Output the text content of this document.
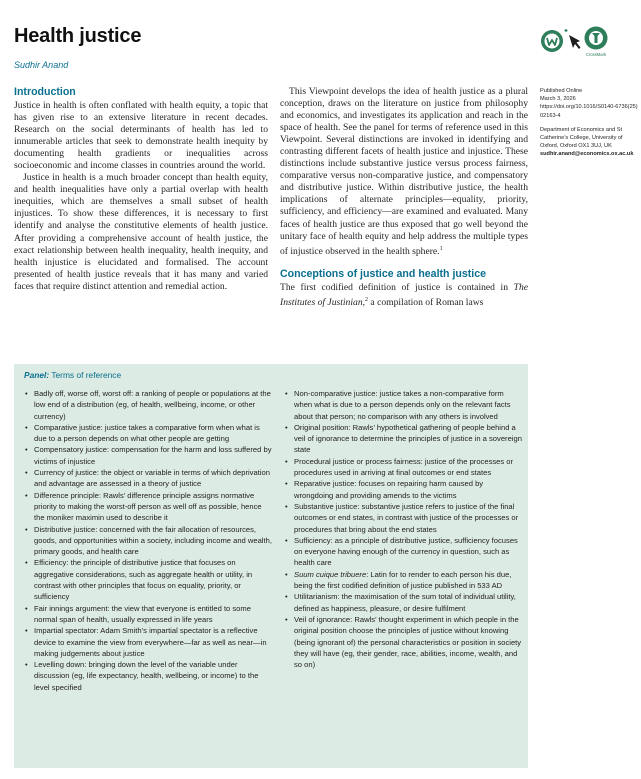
Health justice
Sudhir Anand
CrossMark
Introduction

Justice in health is often conflated with health equity, a topic that has given rise to an extensive literature in recent decades. Research on the social determinants of health has led to innumerable articles that seek to demonstrate health inequity by documenting health gradients or inequalities across socioeconomic and income classes in countries around the world.

Justice in health is a much broader concept than health equity, and health inequalities have only a partial overlap with health inequities, which are themselves a small subset of health injustices. To show these differences, it is necessary to first identify and analyse the constitutive elements of health justice. After providing a comprehensive account of health justice, the exact relationship between health inequality, health inequity, and health injustice is elucidated and formalised. The account presented of health justice reveals that it has many and varied faces that require distinct attention and remedial action.

This Viewpoint develops the idea of health justice as a plural conception, draws on the literature on justice from philosophy and economics, and investigates its application and reach in the space of health. See the panel for terms of reference used in this Viewpoint. Several distinctions are invoked in identifying and contrasting different facets of health justice and injustice. These distinctions include substantive justice versus process fairness, comparative versus non-comparative justice, and compensatory and distributive justice. Within distributive justice, the health implications of alternate principles—equality, priority, sufficiency, and efficiency—are examined and evaluated. Many faces of health justice are thus exposed that go well beyond the unitary face of health equity and help address the multiple types of injustice observed in the health sphere.$^1$

Conceptions of justice and health justice

The first codified definition of justice is contained in The Institutes of Justinian,$^2$ a compilation of Roman laws

Published Online
March 3, 2026
https://doi.org/10.1016/S0140-6736(25)02163-4
Department of Economics and St Catherine’s College, University of Oxford, Oxford OX1 3UJ, UK
sudhir.anand@economics.ox.ac.uk
Panel: Terms of reference
• Badly off, worse off, worst off: a ranking of people or populations at the low end of a distribution (eg, of health, wellbeing, income, or other currency)
• Comparative justice: justice takes a comparative form when what is due to a person depends on what other people are getting
• Compensatory justice: compensation for the harm and loss suffered by victims of injustice
• Currency of justice: the object or variable in terms of which deprivation and advantage are assessed in a theory of justice
• Difference principle: Rawls’ difference principle assigns normative priority to making the worst-off person as well off as possible, hence the moniker maximin used to describe it
• Distributive justice: concerned with the fair allocation of resources, goods, and opportunities within a society, including income and wealth, primary goods, and health care
• Efficiency: the principle of distributive justice that focuses on aggregative considerations, such as aggregate health or utility, in contrast with other principles that focus on equality, priority, or sufficiency
• Fair innings argument: the view that everyone is entitled to some normal span of health, usually expressed in life years
• Impartial spectator: Adam Smith’s impartial spectator is a reflective device to examine the view from everywhere—far as well as near—in making judgements about justice
• Levelling down: bringing down the level of the variable under discussion (eg, life expectancy, health, wellbeing, or income) to the level specified
• Non-comparative justice: justice takes a non-comparative form when what is due to a person depends only on the relevant facts about that person; no comparison with any others is involved
• Original position: Rawls’ hypothetical gathering of people behind a veil of ignorance to determine the principles of justice in a sovereign state
• Procedural justice or process fairness: justice of the processes or procedures used in arriving at final outcomes or end states
• Reparative justice: focuses on repairing harm caused by wrongdoing and providing amends to the victims
• Substantive justice: substantive justice refers to justice of the final outcomes or end states, in contrast with justice of the processes or procedures that bring about the end states
• Sufficiency: as a principle of distributive justice, sufficiency focuses on everyone having enough of the currency in question, such as health care
• Suum cuique tribuere: Latin for to render to each person his due, being the first codified definition of justice published in 533 AD
• Utilitarianism: the maximisation of the sum total of individual utility, defined as happiness, pleasure, or desire fulfilment
• Veil of ignorance: Rawls’ thought experiment in which people in the original position choose the principles of justice without knowing (being ignorant of) the personal characteristics or position in society they will have (eg, their gender, race, abilities, income, wealth, and so on)
